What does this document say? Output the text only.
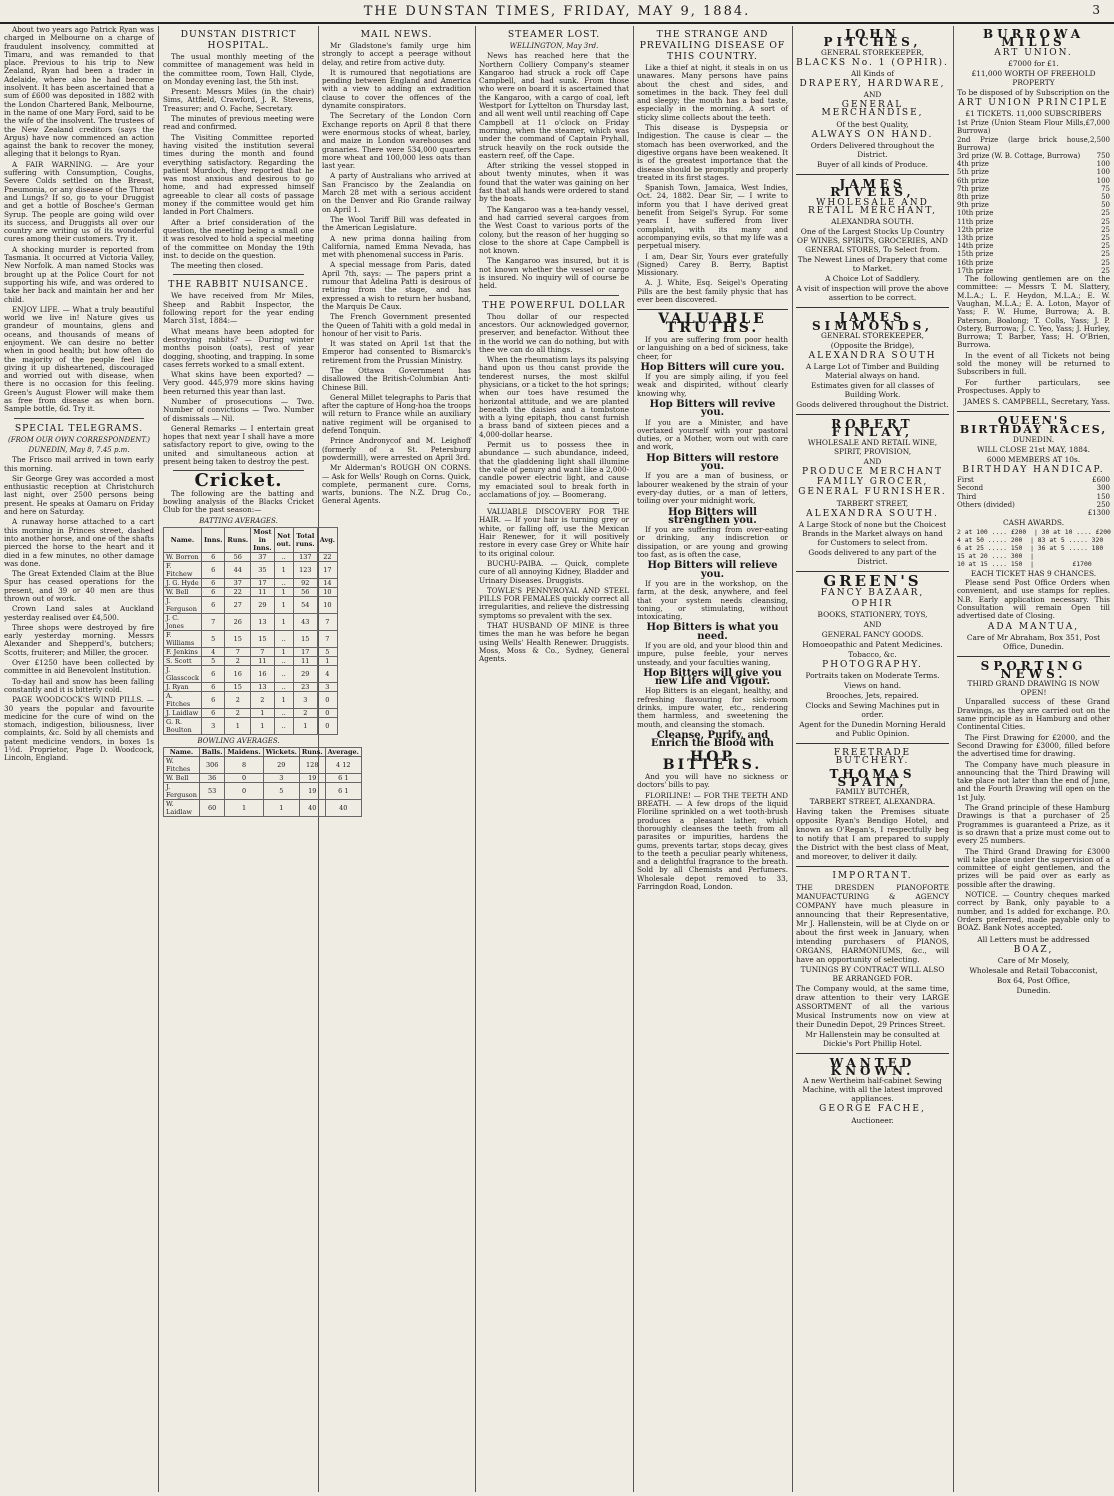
THE DUNSTAN TIMES, FRIDAY, MAY 9, 1884.	3

About two years ago Patrick Ryan was charged in Melbourne on a charge of fraudulent insolvency, committed at Timaru, and was remanded to that place. Previous to his trip to New Zealand, Ryan had been a trader in Adelaide, where also he had become insolvent. It has been ascertained that a sum of £600 was deposited in 1882 with the London Chartered Bank, Melbourne, in the name of one Mary Ford, said to be the wife of the insolvent. The trustees of the New Zealand creditors (says the Argus) have now commenced an action against the bank to recover the money, alleging that it belongs to Ryan.

A FAIR WARNING. — Are your suffering with Consumption, Coughs, Severe Colds settled on the Breast, Pneumonia, or any disease of the Throat and Lungs? If so, go to your Druggist and get a bottle of Boschee's German Syrup. The people are going wild over its success, and Druggists all over our country are writing us of its wonderful cures among their customers. Try it.

A shocking murder is reported from Tasmania. It occurred at Victoria Valley, New Norfolk. A man named Stocks was brought up at the Police Court for not supporting his wife, and was ordered to take her back and maintain her and her child.

ENJOY LIFE. — What a truly beautiful world we live in! Nature gives us grandeur of mountains, glens and oceans, and thousands of means of enjoyment. We can desire no better when in good health; but how often do the majority of the people feel like giving it up disheartened, discouraged and worried out with disease, when there is no occasion for this feeling. Green's August Flower will make them as free from disease as when born. Sample bottle, 6d. Try it.

SPECIAL TELEGRAMS.
(FROM OUR OWN CORRESPONDENT.)
DUNEDIN, May 8, 7.45 p.m.

The Frisco mail arrived in town early this morning.

Sir George Grey was accorded a most enthusiastic reception at Christchurch last night, over 2500 persons being present. He speaks at Oamaru on Friday and here on Saturday.

A runaway horse attached to a cart this morning in Princes street, dashed into another horse, and one of the shafts pierced the horse to the heart and it died in a few minutes, no other damage was done.

The Great Extended Claim at the Blue Spur has ceased operations for the present, and 39 or 40 men are thus thrown out of work.

Crown Land sales at Auckland yesterday realised over £4,500.

Three shops were destroyed by fire early yesterday morning. Messrs Alexander and Shepperd's, butchers; Scotts, fruiterer; and Miller, the grocer.

Over £1250 have been collected by committee in aid Benevolent Institution.

To-day hail and snow has been falling constantly and it is bitterly cold.

PAGE WOODCOCK'S WIND PILLS. — 30 years the popular and favourite medicine for the cure of wind on the stomach, indigestion, biliousness, liver complaints, &c. Sold by all chemists and patent medicine vendors, in boxes 1s 1½d. Proprietor, Page D. Woodcock, Lincoln, England.

DUNSTAN DISTRICT HOSPITAL.

The usual monthly meeting of the committee of management was held in the committee room, Town Hall, Clyde, on Monday evening last, the 5th inst.

Present: Messrs Miles (in the chair) Sims, Attfield, Crawford, J. R. Stevens, Treasurer; and O. Fache, Secretary.

The minutes of previous meeting were read and confirmed.

The Visiting Committee reported having visited the institution several times during the month and found everything satisfactory. Regarding the patient Murdoch, they reported that he was most anxious and desirous to go home, and had expressed himself agreeable to clear all costs of passage money if the committee would get him landed in Port Chalmers.

After a brief consideration of the question, the meeting being a small one it was resolved to hold a special meeting of the committee on Monday the 19th inst. to decide on the question.

The meeting then closed.

THE RABBIT NUISANCE.

We have received from Mr Miles, Sheep and Rabbit Inspector, the following report for the year ending March 31st, 1884:—

What means have been adopted for destroying rabbits? — During winter months poison (oats), rest of year dogging, shooting, and trapping. In some cases ferrets worked to a small extent.

What skins have been exported? — Very good. 445,979 more skins having been returned this year than last.

Number of prosecutions — Two. Number of convictions — Two. Number of dismissals — Nil.

General Remarks — I entertain great hopes that next year I shall have a more satisfactory report to give, owing to the united and simultaneous action at present being taken to destroy the pest.

Cricket.

The following are the batting and bowling analysis of the Blacks Cricket Club for the past season:—

BATTING AVERAGES.
Name.	Inns.	Runs.	Most in Inns.	Not out.	Total runs.	Avg.
W. Borron	6	56	37	..	137	22
F. Fitchew	6	44	35	1	123	17
J. G. Hyde	6	37	17	..	92	14
W. Bell	6	22	11	1	56	10
J. Ferguson	6	27	29	1	54	10
J. C. Jones	7	26	13	1	43	7
F. Williams	5	15	15	..	15	7
F. Jenkins	4	7	7	1	17	5
S. Scott	5	2	11	..	11	1
J. Glasscock	6	16	16	..	29	4
J. Ryan	6	15	13	..	23	3
A. Fitches	6	2	2	1	3	0
J. Laidlaw	6	2	1	..	2	0
G. R. Boulton	3	1	1	..	1	0
BOWLING AVERAGES.
Name.	Balls.	Maidens.	Wickets.	Runs.	Average.
W. Fitches	306	8	29	128	4 12
W. Bell	36	0	3	19	6 1
J. Ferguson	53	0	5	19	6 1
W. Laidlaw	60	1	1	40	40
MAIL NEWS.

Mr Gladstone's family urge him strongly to accept a peerage without delay, and retire from active duty.

It is rumoured that negotiations are pending between England and America with a view to adding an extradition clause to cover the offences of the dynamite conspirators.

The Secretary of the London Corn Exchange reports on April 8 that there were enormous stocks of wheat, barley, and maize in London warehouses and granaries. There were 534,000 quarters more wheat and 100,000 less oats than last year.

A party of Australians who arrived at San Francisco by the Zealandia on March 28 met with a serious accident on the Denver and Rio Grande railway on April 1.

The Wool Tariff Bill was defeated in the American Legislature.

A new prima donna hailing from California, named Emma Nevada, has met with phenomenal success in Paris.

A special message from Paris, dated April 7th, says: — The papers print a rumour that Adelina Patti is desirous of retiring from the stage, and has expressed a wish to return her husband, the Marquis De Caux.

The French Government presented the Queen of Tahiti with a gold medal in honour of her visit to Paris.

It was stated on April 1st that the Emperor had consented to Bismarck's retirement from the Prussian Ministry.

The Ottawa Government has disallowed the British-Columbian Anti-Chinese Bill.

General Millet telegraphs to Paris that after the capture of Hong-hoa the troops will return to France while an auxiliary native regiment will be organised to defend Tonquin.

Prince Andronycof and M. Leighoff (formerly of a St. Petersburg powdermill), were arrested on April 3rd.

Mr Alderman's ROUGH ON CORNS. — Ask for Wells' Rough on Corns. Quick, complete, permanent cure. Corns, warts, bunions. The N.Z. Drug Co., General Agents.

STEAMER LOST.
WELLINGTON, May 3rd.

News has reached here that the Northern Colliery Company's steamer Kangaroo had struck a rock off Cape Campbell, and had sunk. From those who were on board it is ascertained that the Kangaroo, with a cargo of coal, left Westport for Lyttelton on Thursday last, and all went well until reaching off Cape Campbell at 11 o'clock on Friday morning, when the steamer, which was under the command of Captain Pryhall, struck heavily on the rock outside the eastern reef, off the Cape.

After striking the vessel stopped in about twenty minutes, when it was found that the water was gaining on her fast that all hands were ordered to stand by the boats.

The Kangaroo was a tea-handy vessel, and had carried several cargoes from the West Coast to various ports of the colony, but the reason of her hugging so close to the shore at Cape Campbell is not known.

The Kangaroo was insured, but it is not known whether the vessel or cargo is insured. No inquiry will of course be held.

THE POWERFUL DOLLAR

Thou dollar of our respected ancestors. Our acknowledged governor, preserver, and benefactor. Without thee in the world we can do nothing, but with thee we can do all things.

When the rheumatism lays its palsying hand upon us thou canst provide the tenderest nurses, the most skilful physicians, or a ticket to the hot springs; when our toes have resumed the horizontal attitude, and we are planted beneath the daisies and a tombstone with a lying epitaph, thou canst furnish a brass band of sixteen pieces and a 4,000-dollar hearse.

Permit us to possess thee in abundance — such abundance, indeed, that the gladdening light shall illumine the vale of penury and want like a 2,000-candle power electric light, and cause my emaciated soul to break forth in acclamations of joy. — Boomerang.

VALUABLE DISCOVERY FOR THE HAIR. — If your hair is turning grey or white, or falling off, use the Mexican Hair Renewer, for it will positively restore in every case Grey or White hair to its original colour.

BUCHU-PAIBA. — Quick, complete cure of all annoying Kidney, Bladder and Urinary Diseases. Druggists.

TOWLE'S PENNYROYAL AND STEEL PILLS FOR FEMALES quickly correct all irregularities, and relieve the distressing symptoms so prevalent with the sex.

THAT HUSBAND OF MINE is three times the man he was before he began using Wells' Health Renewer. Druggists. Moss, Moss & Co., Sydney, General Agents.

THE STRANGE AND PREVAILING DISEASE OF THIS COUNTRY.

Like a thief at night, it steals in on us unawares. Many persons have pains about the chest and sides, and sometimes in the back. They feel dull and sleepy; the mouth has a bad taste, especially in the morning. A sort of sticky slime collects about the teeth.

This disease is Dyspepsia or Indigestion. The cause is clear — the stomach has been overworked, and the digestive organs have been weakened. It is of the greatest importance that the disease should be promptly and properly treated in its first stages.

Spanish Town, Jamaica, West Indies, Oct. 24, 1882. Dear Sir, — I write to inform you that I have derived great benefit from Seigel's Syrup. For some years I have suffered from liver complaint, with its many and accompanying evils, so that my life was a perpetual misery.

I am, Dear Sir, Yours ever gratefully (Signed) Carey B. Berry, Baptist Missionary.

A. J. White, Esq. Seigel's Operating Pills are the best family physic that has ever been discovered.

VALUABLE TRUTHS.

If you are suffering from poor health or languishing on a bed of sickness, take cheer, for

Hop Bitters will cure you.

If you are simply ailing, if you feel weak and dispirited, without clearly knowing why,

Hop Bitters will revive you.

If you are a Minister, and have overtaxed yourself with your pastoral duties, or a Mother, worn out with care and work,

Hop Bitters will restore you.

If you are a man of business, or labourer weakened by the strain of your every-day duties, or a man of letters, toiling over your midnight work,

Hop Bitters will strengthen you.

If you are suffering from over-eating or drinking, any indiscretion or dissipation, or are young and growing too fast, as is often the case,

Hop Bitters will relieve you.

If you are in the workshop, on the farm, at the desk, anywhere, and feel that your system needs cleansing, toning, or stimulating, without intoxicating,

Hop Bitters is what you need.

If you are old, and your blood thin and impure, pulse feeble, your nerves unsteady, and your faculties waning,

Hop Bitters will give you new Life and Vigour.

Hop Bitters is an elegant, healthy, and refreshing flavouring for sick-room drinks, impure water, etc., rendering them harmless, and sweetening the mouth, and cleansing the stomach.

Cleanse, Purify, and Enrich the Blood with
HOP BITTERS.

And you will have no sickness or doctors' bills to pay.

FLORILINE! — FOR THE TEETH AND BREATH. — A few drops of the liquid Floriline sprinkled on a wet tooth-brush produces a pleasant lather, which thoroughly cleanses the teeth from all parasites or impurities, hardens the gums, prevents tartar, stops decay, gives to the teeth a peculiar pearly whiteness, and a delightful fragrance to the breath. Sold by all Chemists and Perfumers. Wholesale depot removed to 33, Farringdon Road, London.

JOHN PITCHES,
GENERAL STOREKEEPER,
BLACKS No. 1 (OPHIR).
All Kinds of
DRAPERY, HARDWARE,
AND
GENERAL MERCHANDISE,
Of the best Quality,
ALWAYS ON HAND.
Orders Delivered throughout the District.
Buyer of all kinds of Produce.
JAMES RIVERS,
WHOLESALE AND RETAIL MERCHANT,
ALEXANDRA SOUTH.
One of the Largest Stocks Up Country OF WINES, SPIRITS, GROCERIES, AND GENERAL STORES, To Select from.
The Newest Lines of Drapery that come to Market.
A Choice Lot of Saddlery.
A visit of inspection will prove the above assertion to be correct.
JAMES SIMMONDS,
GENERAL STOREKEEPER,
(Opposite the Bridge),
ALEXANDRA SOUTH
A Large Lot of Timber and Building Material always on hand.
Estimates given for all classes of Building Work.
Goods delivered throughout the District.
ROBERT FINLAY,
WHOLESALE AND RETAIL WINE, SPIRIT, PROVISION,
AND
PRODUCE MERCHANT
FAMILY GROCER,
GENERAL FURNISHER.
TARBERT STREET,
ALEXANDRA SOUTH.
A Large Stock of none but the Choicest Brands in the Market always on hand for Customers to select from.
Goods delivered to any part of the District.
GREEN'S
FANCY BAZAAR,
OPHIR
BOOKS, STATIONERY, TOYS,
AND
GENERAL FANCY GOODS.
Homoeopathic and Patent Medicines.
Tobacco, &c.
PHOTOGRAPHY.
Portraits taken on Moderate Terms.
Views on hand.
Brooches, Jets, repaired.
Clocks and Sewing Machines put in order.
Agent for the Dunedin Morning Herald and Public Opinion.
FREETRADE BUTCHERY.
THOMAS SPAIN,
FAMILY BUTCHER,
TARBERT STREET, ALEXANDRA.
Having taken the Premises situate opposite Ryan's Bendigo Hotel, and known as O'Regan's, I respectfully beg to notify that I am prepared to supply the District with the best class of Meat, and moreover, to deliver it daily.
IMPORTANT.
THE DRESDEN PIANOFORTE MANUFACTURING & AGENCY COMPANY have much pleasure in announcing that their Representative, Mr J. Hallenstein, will be at Clyde on or about the first week in January, when intending purchasers of PIANOS, ORGANS, HARMONIUMS, &c., will have an opportunity of selecting.
TUNINGS BY CONTRACT WILL ALSO BE ARRANGED FOR.
The Company would, at the same time, draw attention to their very LARGE ASSORTMENT of all the various Musical Instruments now on view at their Dunedin Depot, 29 Princes Street.
Mr Hallenstein may be consulted at Dickie's Port Phillip Hotel.
WANTED KNOWN.
A new Wertheim half-cabinet Sewing Machine, with all the latest improved appliances.
GEORGE FACHE,
Auctioneer.
BURROWA MILLS
ART UNION.
£7000 for £1.
£11,000 WORTH OF FREEHOLD PROPERTY
To be disposed of by Subscription on the
ART UNION PRINCIPLE
£1 TICKETS. 11,000 SUBSCRIBERS
1st Prize (Union Steam Flour Mills, Burrowa)
£7,000
2nd Prize (large brick house, Burrowa)
2,500
3rd prize (W. B. Cottage, Burrowa) 750
4th prize	100
5th prize	100
6th prize	100
7th prize	75
8th prize	50
9th prize	50
10th prize	25
11th prize	25
12th prize	25
13th prize	25
14th prize	25
15th prize	25
16th prize	25
17th prize	25

The following gentlemen are on the committee: — Messrs T. M. Slattery, M.L.A.; L. F. Heydon, M.L.A.; E. W. Vaughan, M.L.A.; E. A. Loton, Mayor of Yass; F. W. Hume, Burrowa; A. B. Paterson, Boalong; T. Colls, Yass; J. P. Ostery, Burrowa; J. C. Yeo, Yass; J. Hurley, Burrowa; T. Barber, Yass; H. O'Brien, Burrowa.

In the event of all Tickets not being sold the money will be returned to Subscribers in full.

For further particulars, see Prospectuses. Apply to

JAMES S. CAMPBELL, Secretary, Yass.
QUEEN'S BIRTHDAY RACES,
DUNEDIN.
WILL CLOSE 21st MAY, 1884.
6000 MEMBERS AT 10s.
BIRTHDAY HANDICAP.
First	£600
Second	300
Third	150
Others (divided)	250
£1300
CASH AWARDS.
2 at 100 .... £200  | 30 at 10 .... £200
4 at 50 ..... 200  | 83 at 5 ..... 320
6 at 25 ..... 150  | 36 at 5 ..... 180
15 at 20 .... 300  |
10 at 15 .... 150  |          £1700
EACH TICKET HAS 9 CHANCES.

Please send Post Office Orders when convenient, and use stamps for replies. N.B. Early application necessary. This Consultation will remain Open till advertised date of Closing.

ADA MANTUA,
Care of Mr Abraham, Box 351, Post Office, Dunedin.
SPORTING NEWS.
THIRD GRAND DRAWING IS NOW OPEN!

Unparalled success of these Grand Drawings, as they are carried out on the same principle as in Hamburg and other Continental Cities.

The First Drawing for £2000, and the Second Drawing for £3000, filled before the advertised time for drawing.

The Company have much pleasure in announcing that the Third Drawing will take place not later than the end of June, and the Fourth Drawing will open on the 1st July.

The Grand principle of these Hamburg Drawings is that a purchaser of 25 Programmes is guaranteed a Prize, as it is so drawn that a prize must come out to every 25 numbers.

The Third Grand Drawing for £3000 will take place under the supervision of a committee of eight gentlemen, and the prizes will be paid over as early as possible after the drawing.

NOTICE. — Country cheques marked correct by Bank, only payable to a number, and 1s added for exchange. P.O. Orders preferred, made payable only to BOAZ. Bank Notes accepted.

All Letters must be addressed
BOAZ,
Care of Mr Mosely,
Wholesale and Retail Tobacconist,
Box 64, Post Office,
Dunedin.
